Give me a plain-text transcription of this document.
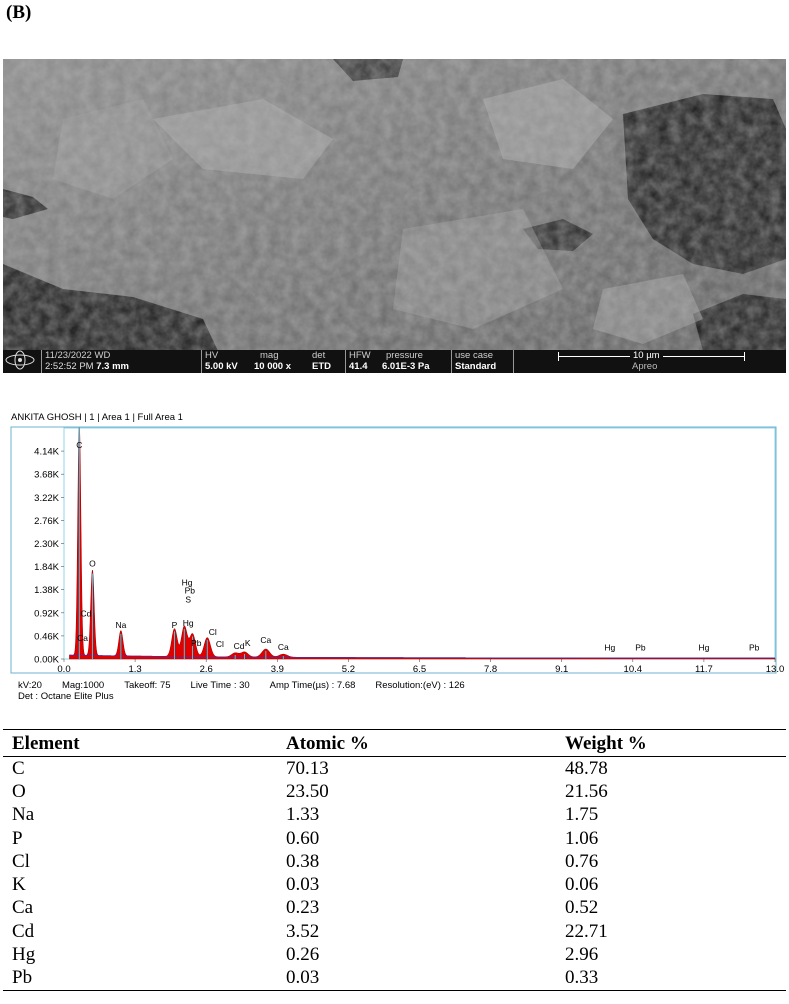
(B)
11/23/2022 WD
2:52:52 PM 7.3 mm
HV
5.00 kV
mag
10 000 x
det
ETD
HFW
41.4 µm
pressure
6.01E-3 Pa
use case
Standard
10 µm
Apreo
ANKITA GHOSH | 1 | Area 1 | Full Area 1
0.00K
0.46K
0.92K
1.38K
1.84K
2.30K
2.76K
3.22K
3.68K
4.14K
0.0	1.3	2.6	3.9	5.2	6.5	7.8	9.1	10.4	11.7	13.0
C
O
Cd
Ca
Na	P
Hg
Pb
S
Hg
Pb
Cl
Cl Cd K Ca
Ca	Hg Pb	Hg	Pb
kV:20 Mag:1000 Takeoff: 75 Live Time : 30 Amp Time(µs) : 7.68 Resolution:(eV) : 126
Det : Octane Elite Plus
Element	Atomic %	Weight %
C	70.13	48.78
O	23.50	21.56
Na	1.33	1.75
P	0.60	1.06
Cl	0.38	0.76
K	0.03	0.06
Ca	0.23	0.52
Cd	3.52	22.71
Hg	0.26	2.96
Pb	0.03	0.33
